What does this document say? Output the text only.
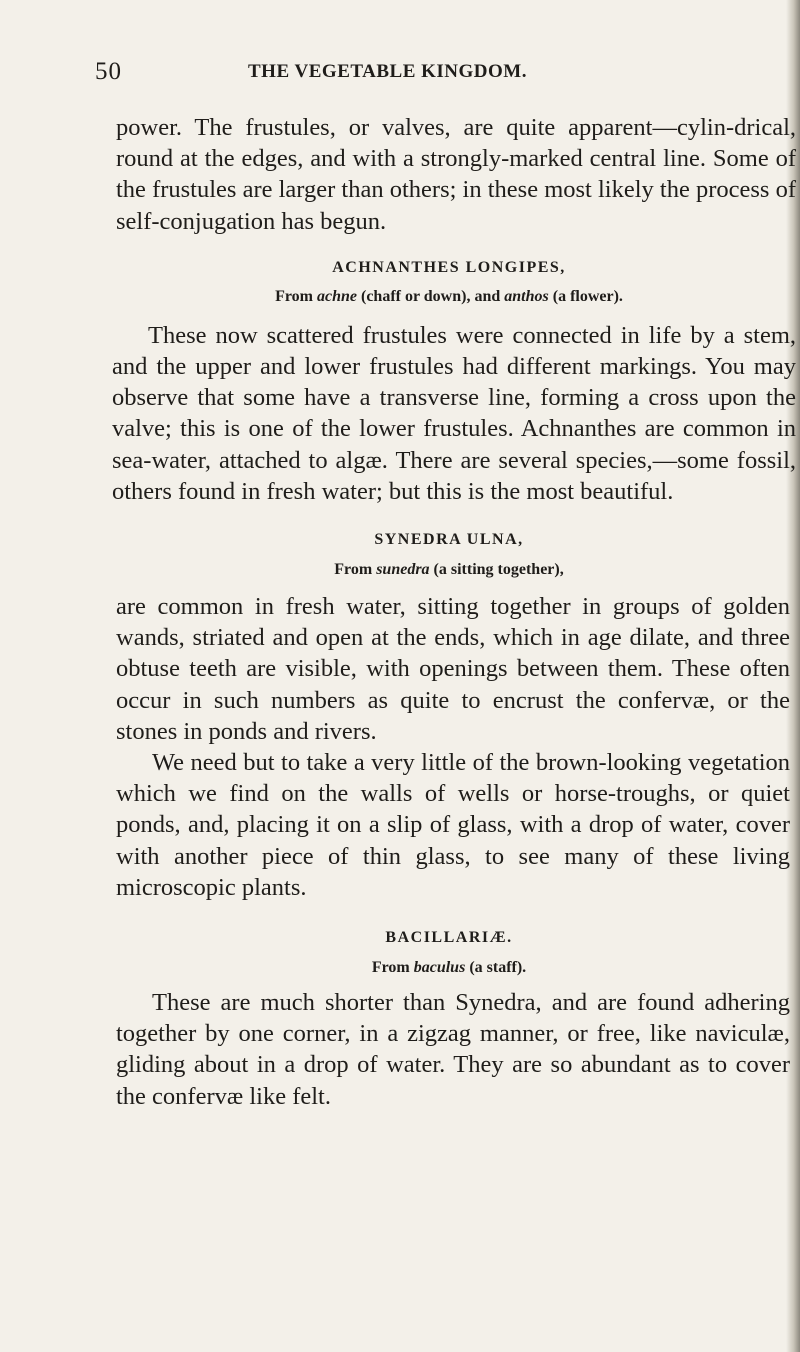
50	THE VEGETABLE KINGDOM.

power. The frustules, or valves, are quite apparent—cylin-drical, round at the edges, and with a strongly-marked central line. Some of the frustules are larger than others; in these most likely the process of self-conjugation has begun.

ACHNANTHES LONGIPES,

From achne (chaff or down), and anthos (a flower).

These now scattered frustules were connected in life by a stem, and the upper and lower frustules had different markings. You may observe that some have a transverse line, forming a cross upon the valve; this is one of the lower frustules. Achnanthes are common in sea-water, attached to algæ. There are several species,—some fossil, others found in fresh water; but this is the most beautiful.

SYNEDRA ULNA,

From sunedra (a sitting together),

are common in fresh water, sitting together in groups of golden wands, striated and open at the ends, which in age dilate, and three obtuse teeth are visible, with openings between them. These often occur in such numbers as quite to encrust the confervæ, or the stones in ponds and rivers.

We need but to take a very little of the brown-looking vegetation which we find on the walls of wells or horse-troughs, or quiet ponds, and, placing it on a slip of glass, with a drop of water, cover with another piece of thin glass, to see many of these living microscopic plants.

BACILLARIÆ.

From baculus (a staff).

These are much shorter than Synedra, and are found adhering together by one corner, in a zigzag manner, or free, like naviculæ, gliding about in a drop of water. They are so abundant as to cover the confervæ like felt.
